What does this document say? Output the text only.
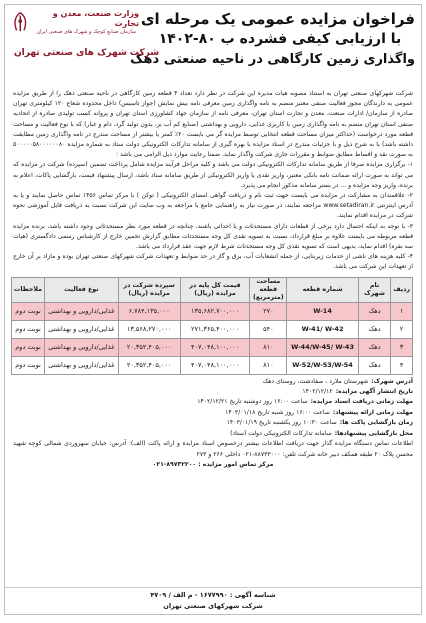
فراخوان مزایده عمومی یک مرحله ای
با ارزیابی کیفی فشرده ب ۸۰-۱۴۰۲
واگذاری زمین کارگاهی در ناحیه صنعتی دهک
وزارت صنعت، معدن و تجارت
سازمان صنایع کوچک و شهرک های صنعتی ایران
شرکت شهرک های صنعتی تهران

شرکت شهرکهای صنعتی تهران به استناد مصوبه هیات مدیره این شرکت در نظر دارد تعداد ۴ قطعه زمین کارگاهی در ناحیه صنعتی دهک را از طریق مزایده عمومی به دارندگان مجوز فعالیت صنفی معتبر منضم به نامه واگذاری زمین معرفی نامه بیش نمایش (جواز تاسیس) داخل محدوده شعاع ۱۲۰ کیلومتری تهران صادره از سازمان/ ادارات صنعت، معدن و تجارت استان تهران، معرفی نامه از سازمان جهاد کشاورزی استان تهران و پروانه کسب تولیدی صادره از اتحادیه صنفی استان تهران منضم به نامه واگذاری زمین با کاربری غذایی، دارویی و بهداشتی (صنایع کم آب بر، بدون تولید گرد، دام و غبار) که با نوع فعالیت و مساحت قطعه مورد درخواست (حداکثر میزان مساحت قطعه انتخابی توسط مزایده گر می بایست ۲۰٪ کمتر یا بیشتر از مساحت مندرج در نامه واگذاری زمین مطابقت داشته باشد) با به شرح ذیل و با جزئیات مندرج در اسناد مزایده با بهره گیری از سامانه تدارکات الکترونیکی دولت ستاد به شماره مزایده ۵۰۰۰۰۰۵۸۰۰۰۰۰۰۸۰ به صورت نقد و اقساط مطابق ضوابط و مقررات جاری شرکت واگذار نماید. ضمنا رعایت موارد ذیل الزامی می باشد :

۱- برگزاری مزایده صرفا از طریق سامانه تدارکات الکترونیکی دولت می باشد و کلیه مراحل فرآیند مزایده شامل پرداخت تضمین (سپرده) شرکت در مزایده که می تواند به صورت ارائه ضمانت نامه بانکی معتبر، واریز نقدی یا واریز الکترونیکی از طریق سامانه ستاد باشد، ارسال پیشنهاد قیمت، بارگشایی پاکات، اعلام به برنده، واریز وجه مزایده و ... در بستر سامانه مذکور انجام می پذیرد.

۲- علاقمندان به مشارکت در مزایده می بایست جهت ثبت نام و دریافت گواهی امضای الکترونیکی ( توکن ) با مرکز تماس ۱۴۵۶ تماس حاصل نمایند و یا به آدرس اینترنتی www.setadiran.ir مراجعه نمایند، در صورت نیاز به راهنمایی جامع با مراجعه به وب سایت این شرکت نسبت به دریافت فایل آموزشی نحوه شرکت در مزایده اقدام نمایند.

۳- با توجه به اینکه احتمال دارد برخی از قطعات دارای مستحدثات و یا احداثی باشند، چنانچه در قطعه مورد نظر مستحدثاتی وجود داشته باشد، برنده مزایده قطعه مربوطه می بایست علاوه بر مبلغ قرارداد، نسبت به تسویه نقدی کل وجه مستحدثات مطابق گزارش تخمین خارج از کارشناس رسمی دادگستری (هیات سه نفره) اقدام نماید، بدیهی است که تسویه نقدی کل وجه مستحدثات شرط لازم جهت عقد قرارداد می باشد.

۴- کلیه هزینه های ناشی از خدمات زیربنایی، از جمله انشعابات آب، برق و گاز در حد ضوابط و تعهدات شرکت شهرکهای صنعتی تهران بوده و مازاد بر آن خارج از تعهدات این شرکت می باشد.

ردیف	نام شهرک	شماره قطعه	مساحت قطعه (مترمربع)	قیمت کل پایه در مزایده (ریال)	سپرده شرکت در مزایده (ریال)	نوع فعالیت	ملاحظات
۱	دهک	W-14	۲۷۰	۱۳۵,۶۸۲,۷۰۰,۰۰۰	۶,۷۸۴,۱۳۵,۰۰۰	غذایی/دارویی و بهداشتی	نوبت دوم
۲	دهک	W-41/ W-42	۵۴۰	۲۷۱,۳۶۵,۴۰۰,۰۰۰	۱۳,۵۶۸,۲۷۰,۰۰۰	غذایی/دارویی و بهداشتی	نوبت دوم
۳	دهک	W-44/W-45/ W-43	۸۱۰	۴۰۷,۰۴۸,۱۰۰,۰۰۰	۲۰,۳۵۲,۴۰۵,۰۰۰	غذایی/دارویی و بهداشتی	نوبت دوم
۴	دهک	W-52/W-53/W-54	۸۱۰	۴۰۷,۰۴۸,۱۰۰,۰۰۰	۲۰,۳۵۲,۴۰۵,۰۰۰	غذایی/دارویی و بهداشتی	نوبت دوم
آدرس شهرک:
شهرستان ملارد ، صفادشت، روستای دهک
تاریخ انتشار آگهی مزایده:
۱۴۰۲/۱۲/۱۲
مهلت زمانی دریافت اسناد مزایده:
ساعت ۱۶:۰۰ روز دوشنبه تاریخ ۱۴۰۲/۱۲/۲۱
مهلت زمانی ارائه پیشنهاد:
ساعت ۱۶:۰۰ روز شنبه تاریخ ۱۴۰۳/۰۱/۱۸
زمان بازگشایی پاکت ها:
ساعت ۱۰:۳۰ روز یکشنبه تاریخ ۱۴۰۳/۰۱/۱۹
محل بازگشایی پیشنهادها:
سامانه تدارکات الکترونیکی دولت (ستاد)

اطلاعات تماس دستگاه مزایده گذار جهت دریافت اطلاعات بیشتر درخصوص اسناد مزایده و ارائه پاکت (الف): آدرس: خیابان سهروردی شمالی کوچه شهید محسن پلاک ۲۰ طبقه همکف دبیر خانه شرکت تلفن: ۸۸۷۳۳۰۰۰-۰۲۱ داخلی ۲۶۶ و ۲۷۳

مرکز تماس امور مزایده : ۸۹۷۳۲۲۰۰-۰۲۱

شناسه آگهی : ۱۶۷۷۹۹۰ - م الف / ۴۷۰۹
شرکت شهرکهای صنعتی تهران
